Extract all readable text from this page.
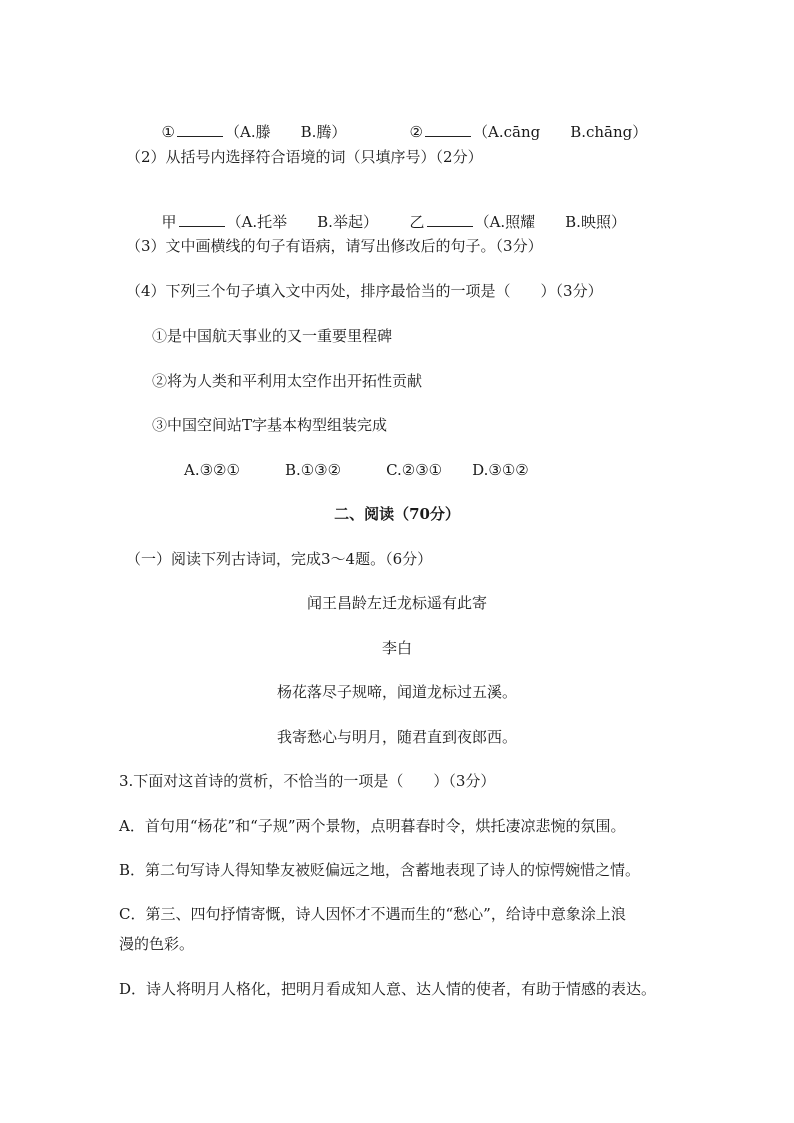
①	（A.滕　　B.腾）	②	（A.cāng　　B.chāng）

（2）从括号内选择符合语境的词（只填序号）（2分）

甲	（A.托举　　B.举起）	乙	（A.照耀　　B.映照）

（3）文中画横线的句子有语病，请写出修改后的句子。（3分）
（4）下列三个句子填入文中丙处，排序最恰当的一项是（　　）（3分）
①是中国航天事业的又一重要里程碑
②将为人类和平利用太空作出开拓性贡献
③中国空间站T字基本构型组装完成
A.③②①　　　B.①③②　　　C.②③①　　D.③①②
二、阅读（70分）
（一）阅读下列古诗词，完成3～4题。（6分）
闻王昌龄左迁龙标遥有此寄
李白
杨花落尽子规啼，闻道龙标过五溪。
我寄愁心与明月，随君直到夜郎西。
3.下面对这首诗的赏析，不恰当的一项是（　　）（3分）
A．首句用“杨花”和“子规”两个景物，点明暮春时令，烘托凄凉悲惋的氛围。
B．第二句写诗人得知挚友被贬偏远之地，含蓄地表现了诗人的惊愕婉惜之情。
C．第三、四句抒情寄慨，诗人因怀才不遇而生的“愁心”，给诗中意象涂上浪
漫的色彩。
D．诗人将明月人格化，把明月看成知人意、达人情的使者，有助于情感的表达。
